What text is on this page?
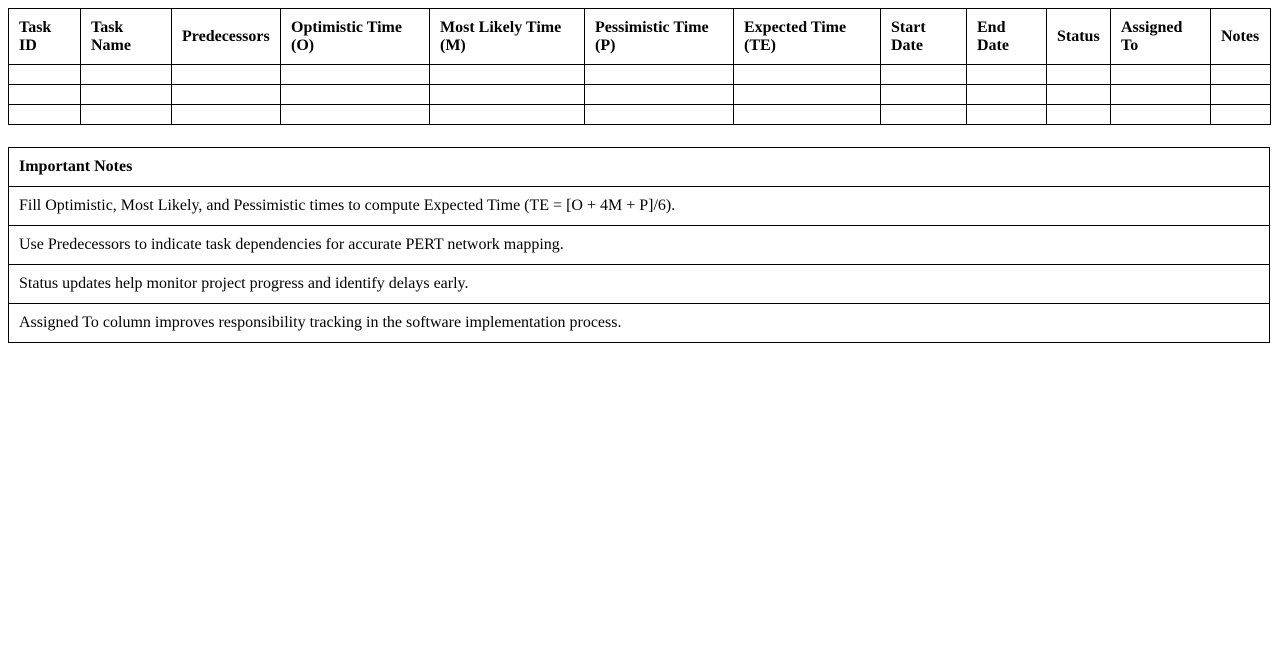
Task ID	Task Name	Predecessors	Optimistic Time (O)	Most Likely Time (M)	Pessimistic Time (P)	Expected Time (TE)	Start Date	End Date	Status	Assigned To	Notes

Important Notes
Fill Optimistic, Most Likely, and Pessimistic times to compute Expected Time (TE = [O + 4M + P]/6).
Use Predecessors to indicate task dependencies for accurate PERT network mapping.
Status updates help monitor project progress and identify delays early.
Assigned To column improves responsibility tracking in the software implementation process.
